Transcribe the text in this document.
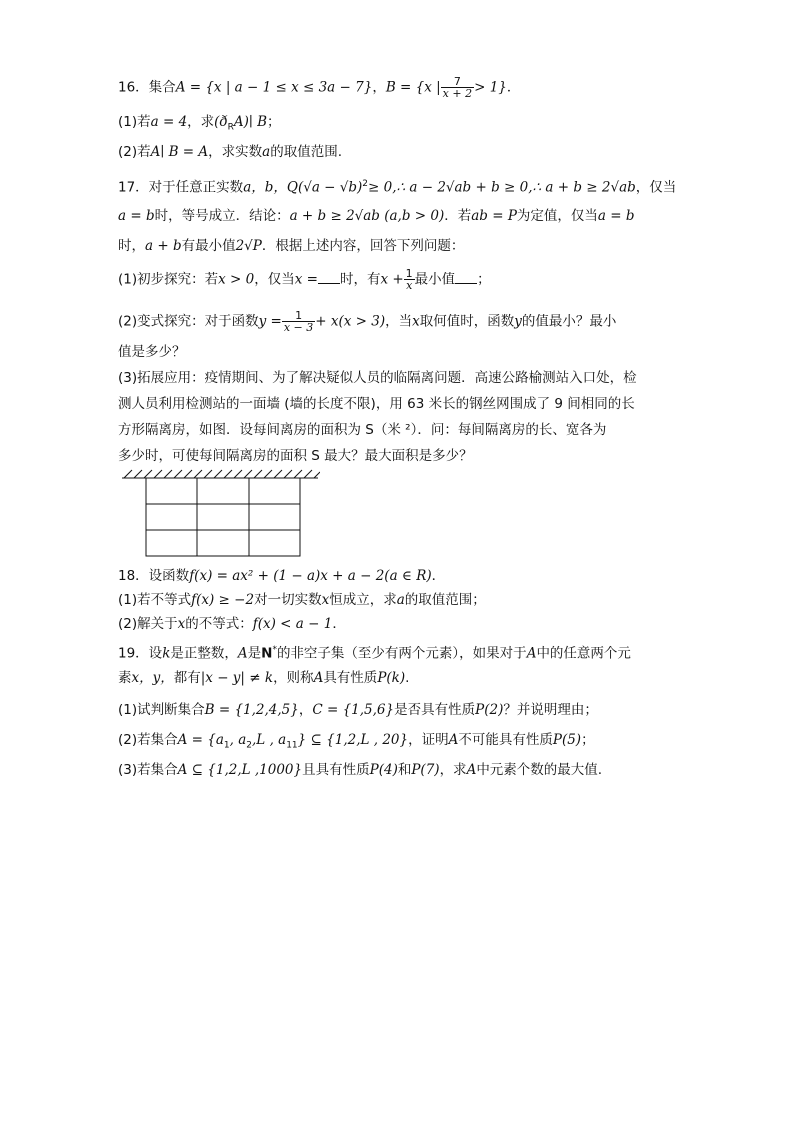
16．集合A = {x | a − 1 ≤ x ≤ 3a − 7}，B = {x | $\frac{7}{x + 2} > 1$}．
(1)若a = 4，求$(ð_RA)∣$ B；
(2)若A∣ B = A，求实数a的取值范围.
17．对于任意正实数a，b，$Q(√a - √b)^2\ge$ 0,∴ a − 2√ab + b ≥ 0,∴ a + b ≥ 2√ab，仅当
a = b时，等号成立．结论：a + b ≥ 2√ab (a,b > 0)．若ab = P为定值，仅当a = b
时，a + b有最小值2√P．根据上述内容，回答下列问题：
(1)初步探究：若x > 0，仅当x = 时，有$x + \frac{1}{x}$ 最小值 ；
(2)变式探究：对于函数$y = \frac{1}{x - 3} + x(x > 3)$，当x取何值时，函数y的值最小？最小
值是多少？
(3)拓展应用：疫情期间、为了解决疑似人员的临隔离问题．高速公路榆测站入口处，检
测人员利用检测站的一面墙 (墙的长度不限)，用 63 米长的钢丝网围成了 9 间相同的长
方形隔离房，如图．设每间离房的面积为 S（米 ²）．问：每间隔离房的长、宽各为
多少时，可使每间隔离房的面积 S 最大？最大面积是多少？
18．设函数f(x) = ax² + (1 − a)x + a − 2(a ∈ R)．
(1)若不等式f(x) ≥ −2对一切实数x恒成立，求a的取值范围；
(2)解关于x的不等式：f(x) < a − 1．
19．设k是正整数，A是N*的非空子集（至少有两个元素），如果对于A中的任意两个元
素x，y，都有|x − y| ≠ k，则称A具有性质P(k).
(1)试判断集合B = {1,2,4,5}，C = {1,5,6}是否具有性质P(2)？并说明理由；
(2)若集合$A = \{a_1$, $a_2,L$ , $a_{11}$} ⊆ {1,2,L , 20}，证明A不可能具有性质P(5)；
(3)若集合A ⊆ {1,2,L ,1000}且具有性质P(4)和P(7)，求A中元素个数的最大值.
